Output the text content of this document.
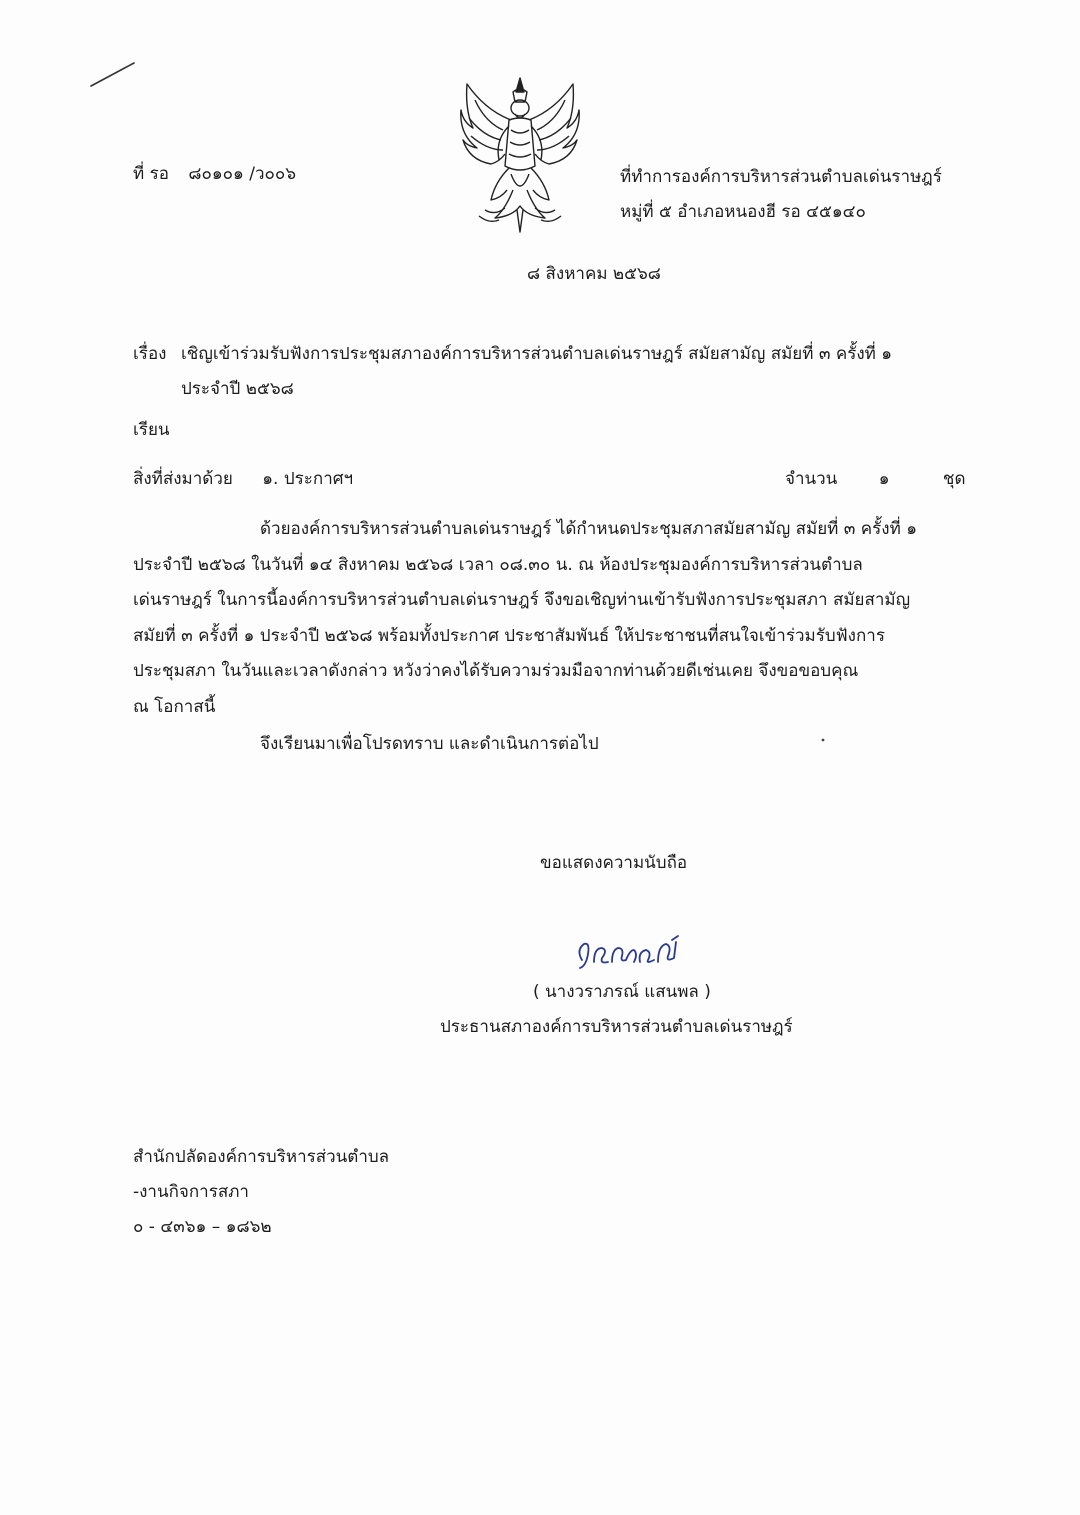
ที่ รอ ๘๐๑๐๑ /ว๐๐๖	ที่ทำการองค์การบริหารส่วนตำบลเด่นราษฎร์
หมู่ที่ ๕ อำเภอหนองฮี รอ ๔๕๑๔๐
๘ สิงหาคม ๒๕๖๘
เรื่อง เชิญเข้าร่วมรับฟังการประชุมสภาองค์การบริหารส่วนตำบลเด่นราษฎร์ สมัยสามัญ สมัยที่ ๓ ครั้งที่ ๑
ประจำปี ๒๕๖๘
เรียน
สิ่งที่ส่งมาด้วย ๑. ประกาศฯ	จำนวน ๑	ชุด
ด้วยองค์การบริหารส่วนตำบลเด่นราษฎร์ ได้กำหนดประชุมสภาสมัยสามัญ สมัยที่ ๓ ครั้งที่ ๑
ประจำปี ๒๕๖๘ ในวันที่ ๑๔ สิงหาคม ๒๕๖๘ เวลา ๐๘.๓๐ น. ณ ห้องประชุมองค์การบริหารส่วนตำบล
เด่นราษฎร์ ในการนี้องค์การบริหารส่วนตำบลเด่นราษฎร์ จึงขอเชิญท่านเข้ารับฟังการประชุมสภา สมัยสามัญ
สมัยที่ ๓ ครั้งที่ ๑ ประจำปี ๒๕๖๘ พร้อมทั้งประกาศ ประชาสัมพันธ์ ให้ประชาชนที่สนใจเข้าร่วมรับฟังการ
ประชุมสภา ในวันและเวลาดังกล่าว หวังว่าคงได้รับความร่วมมือจากท่านด้วยดีเช่นเคย จึงขอขอบคุณ
ณ โอกาสนี้
จึงเรียนมาเพื่อโปรดทราบ และดำเนินการต่อไป
ขอแสดงความนับถือ
( นางวราภรณ์ แสนพล )
ประธานสภาองค์การบริหารส่วนตำบลเด่นราษฎร์
สำนักปลัดองค์การบริหารส่วนตำบล
-งานกิจการสภา
๐ - ๔๓๖๑ – ๑๘๖๒
